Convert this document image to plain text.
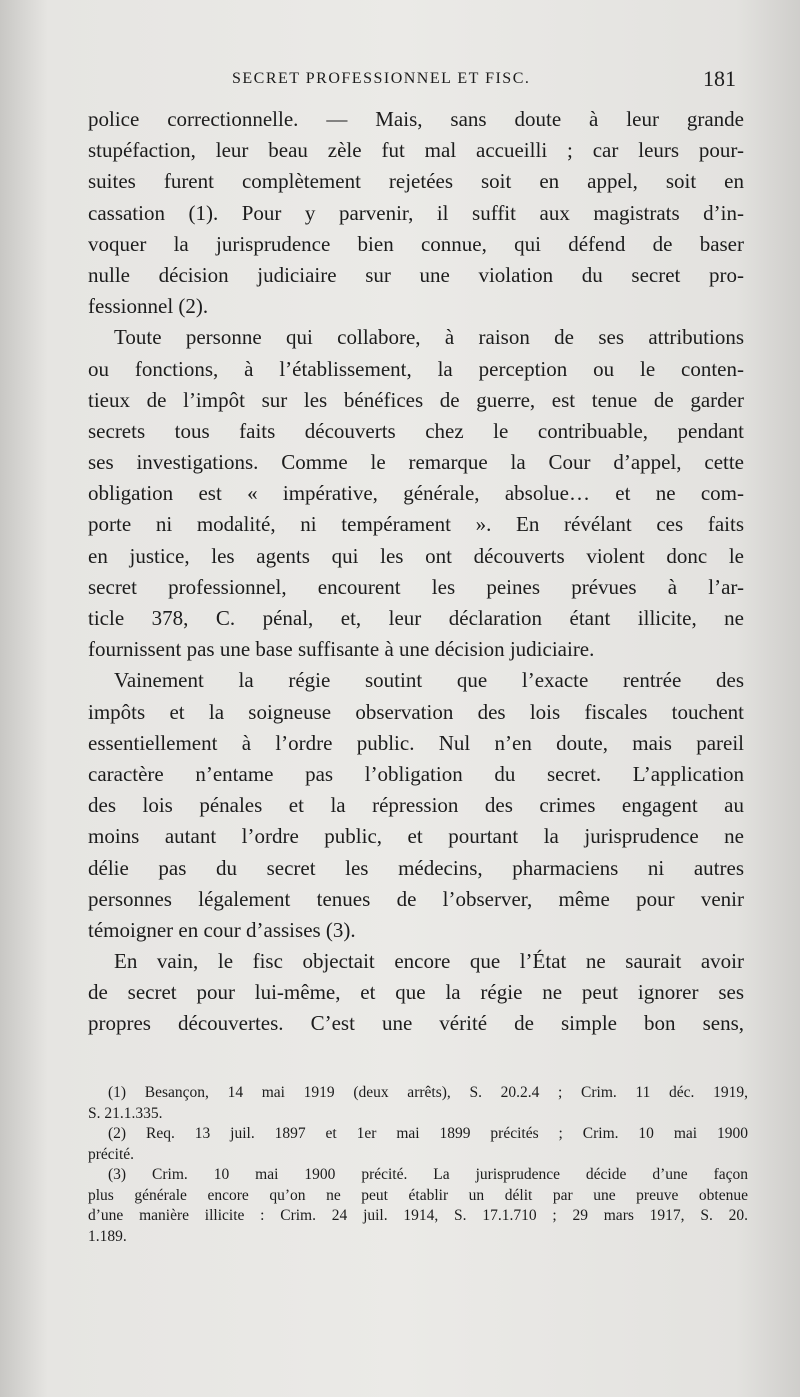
SECRET PROFESSIONNEL ET FISC.	181
police correctionnelle. — Mais, sans doute à leur grande
stupéfaction, leur beau zèle fut mal accueilli ; car leurs pour-
suites furent complètement rejetées soit en appel, soit en
cassation (1). Pour y parvenir, il suffit aux magistrats d’in-
voquer la jurisprudence bien connue, qui défend de baser
nulle décision judiciaire sur une violation du secret pro-
fessionnel (2).
Toute personne qui collabore, à raison de ses attributions
ou fonctions, à l’établissement, la perception ou le conten-
tieux de l’impôt sur les bénéfices de guerre, est tenue de garder
secrets tous faits découverts chez le contribuable, pendant
ses investigations. Comme le remarque la Cour d’appel, cette
obligation est « impérative, générale, absolue… et ne com-
porte ni modalité, ni tempérament ». En révélant ces faits
en justice, les agents qui les ont découverts violent donc le
secret professionnel, encourent les peines prévues à l’ar-
ticle 378, C. pénal, et, leur déclaration étant illicite, ne
fournissent pas une base suffisante à une décision judiciaire.
Vainement la régie soutint que l’exacte rentrée des
impôts et la soigneuse observation des lois fiscales touchent
essentiellement à l’ordre public. Nul n’en doute, mais pareil
caractère n’entame pas l’obligation du secret. L’application
des lois pénales et la répression des crimes engagent au
moins autant l’ordre public, et pourtant la jurisprudence ne
délie pas du secret les médecins, pharmaciens ni autres
personnes légalement tenues de l’observer, même pour venir
témoigner en cour d’assises (3).
En vain, le fisc objectait encore que l’État ne saurait avoir
de secret pour lui-même, et que la régie ne peut ignorer ses
propres découvertes. C’est une vérité de simple bon sens,
(1) Besançon, 14 mai 1919 (deux arrêts), S. 20.2.4 ; Crim. 11 déc. 1919,
S. 21.1.335.
(2) Req. 13 juil. 1897 et 1er mai 1899 précités ; Crim. 10 mai 1900
précité.
(3) Crim. 10 mai 1900 précité. La jurisprudence décide d’une façon
plus générale encore qu’on ne peut établir un délit par une preuve obtenue
d’une manière illicite : Crim. 24 juil. 1914, S. 17.1.710 ; 29 mars 1917, S. 20.
1.189.
